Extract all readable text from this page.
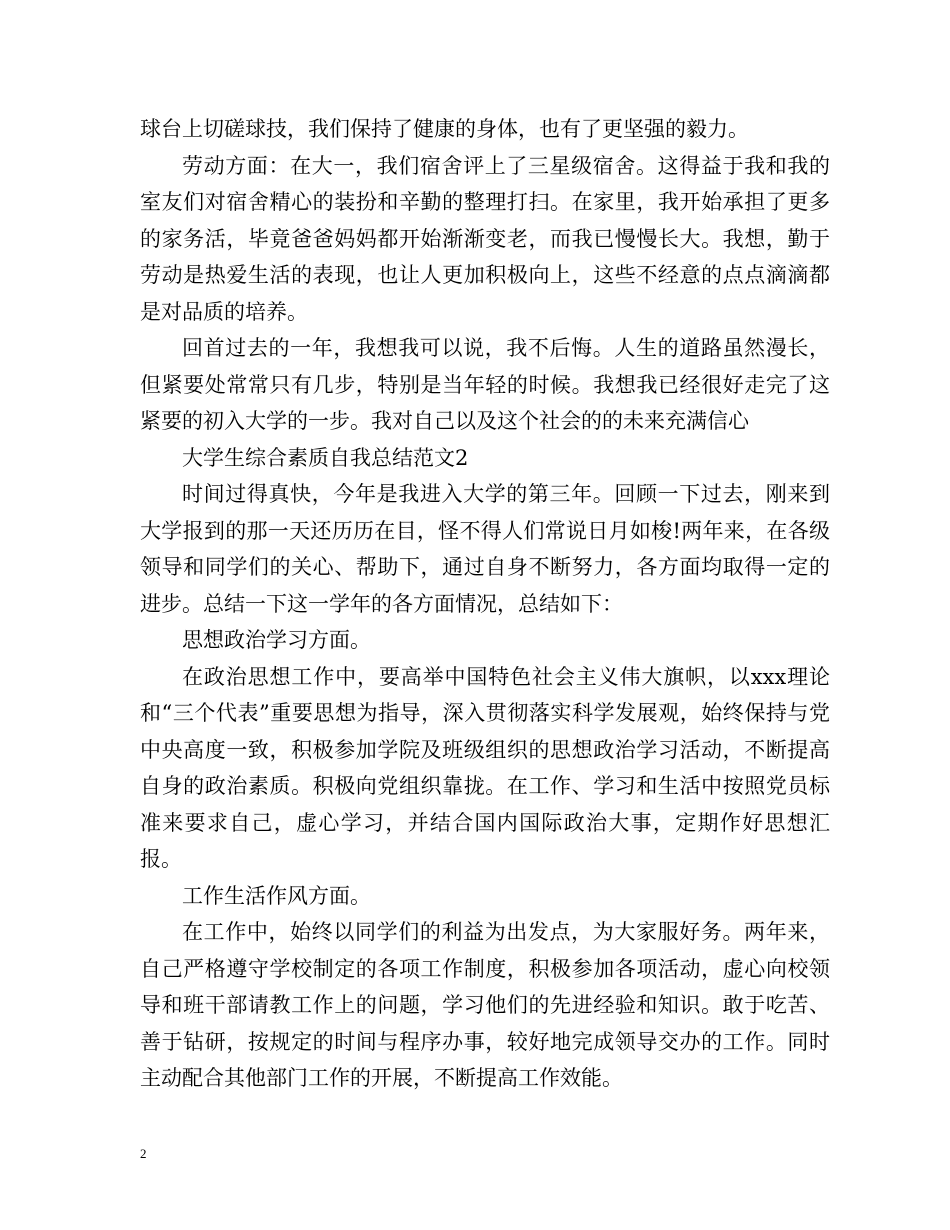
球台上切磋球技，我们保持了健康的身体，也有了更坚强的毅力。

劳动方面：在大一，我们宿舍评上了三星级宿舍。这得益于我和我的室友们对宿舍精心的装扮和辛勤的整理打扫。在家里，我开始承担了更多的家务活，毕竟爸爸妈妈都开始渐渐变老，而我已慢慢长大。我想，勤于劳动是热爱生活的表现，也让人更加积极向上，这些不经意的点点滴滴都是对品质的培养。

回首过去的一年，我想我可以说，我不后悔。人生的道路虽然漫长，但紧要处常常只有几步，特别是当年轻的时候。我想我已经很好走完了这紧要的初入大学的一步。我对自己以及这个社会的的未来充满信心

大学生综合素质自我总结范文2

时间过得真快，今年是我进入大学的第三年。回顾一下过去，刚来到大学报到的那一天还历历在目，怪不得人们常说日月如梭!两年来，在各级领导和同学们的关心、帮助下，通过自身不断努力，各方面均取得一定的进步。总结一下这一学年的各方面情况，总结如下：

思想政治学习方面。

在政治思想工作中，要高举中国特色社会主义伟大旗帜，以xxx理论和“三个代表”重要思想为指导，深入贯彻落实科学发展观，始终保持与党中央高度一致，积极参加学院及班级组织的思想政治学习活动，不断提高自身的政治素质。积极向党组织靠拢。在工作、学习和生活中按照党员标准来要求自己，虚心学习，并结合国内国际政治大事，定期作好思想汇报。

工作生活作风方面。

在工作中，始终以同学们的利益为出发点，为大家服好务。两年来，自己严格遵守学校制定的各项工作制度，积极参加各项活动，虚心向校领导和班干部请教工作上的问题，学习他们的先进经验和知识。敢于吃苦、善于钻研，按规定的时间与程序办事，较好地完成领导交办的工作。同时主动配合其他部门工作的开展，不断提高工作效能。

2
